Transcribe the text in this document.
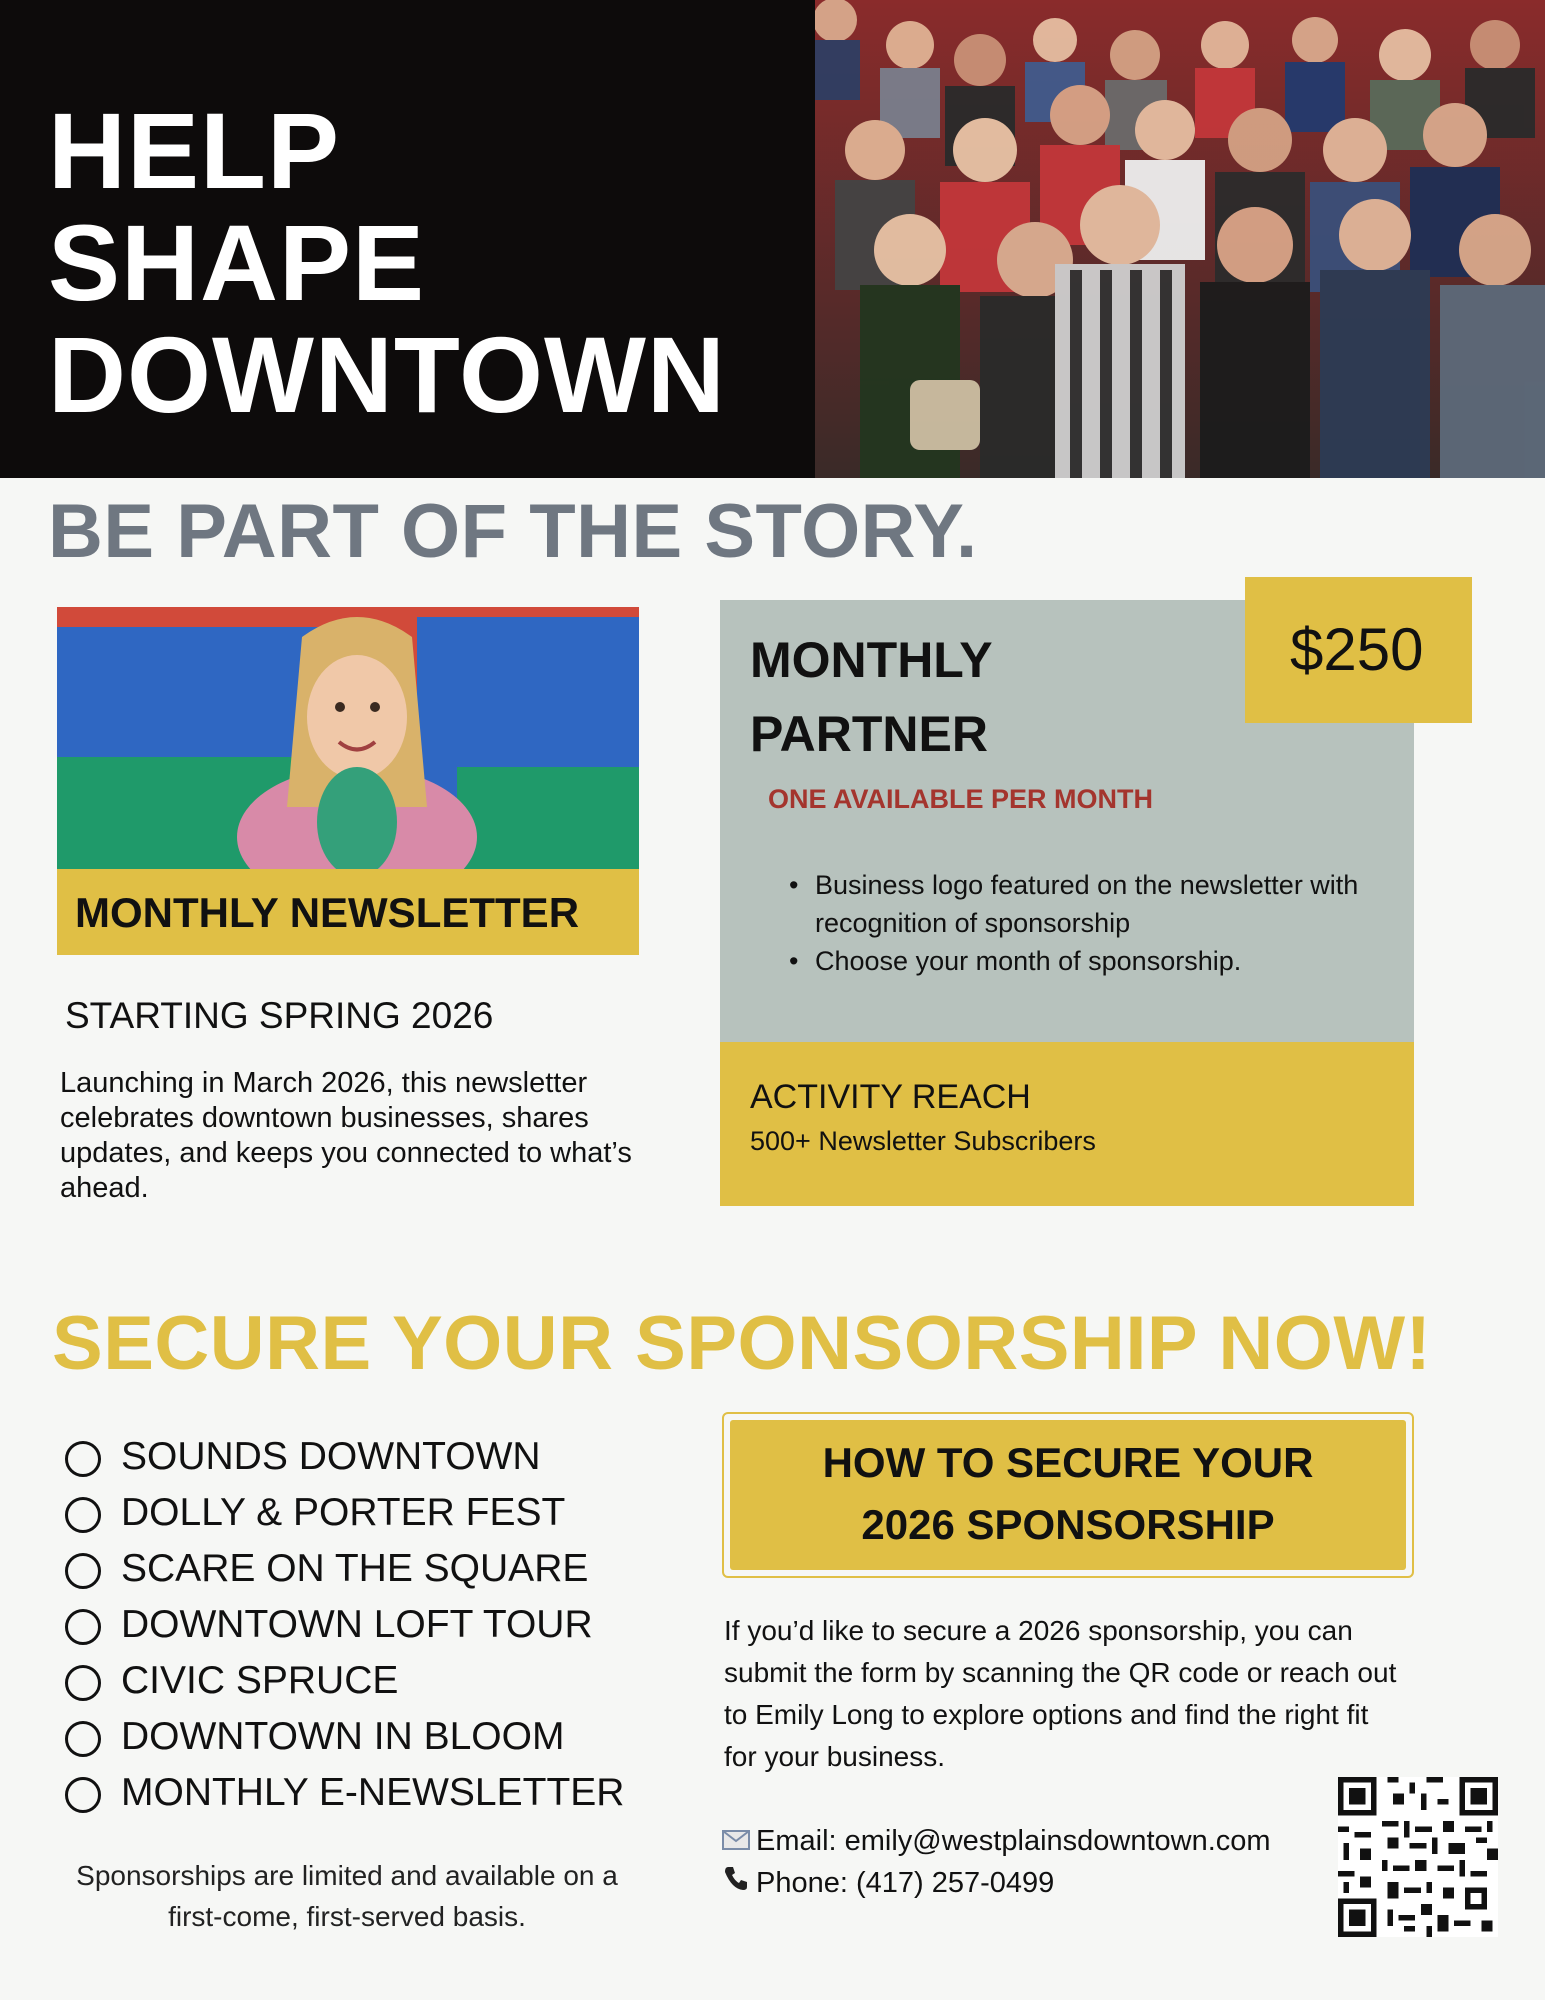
HELP
SHAPE
DOWNTOWN
BE PART OF THE STORY.
MONTHLY NEWSLETTER
STARTING SPRING 2026
Launching in March 2026, this newsletter celebrates downtown businesses, shares updates, and keeps you connected to what’s ahead.
MONTHLY
PARTNER
$250
ONE AVAILABLE PER MONTH
• Business logo featured on the newsletter with recognition of sponsorship
• Choose your month of sponsorship.
ACTIVITY REACH
500+ Newsletter Subscribers
SECURE YOUR SPONSORSHIP NOW!
SOUNDS DOWNTOWN
DOLLY & PORTER FEST
SCARE ON THE SQUARE
DOWNTOWN LOFT TOUR
CIVIC SPRUCE
DOWNTOWN IN BLOOM
MONTHLY E-NEWSLETTER
Sponsorships are limited and available on a first-come, first-served basis.
HOW TO SECURE YOUR
2026 SPONSORSHIP
If you’d like to secure a 2026 sponsorship, you can submit the form by scanning the QR code or reach out to Emily Long to explore options and find the right fit for your business.
Email: emily@westplainsdowntown.com
Phone: (417) 257-0499
